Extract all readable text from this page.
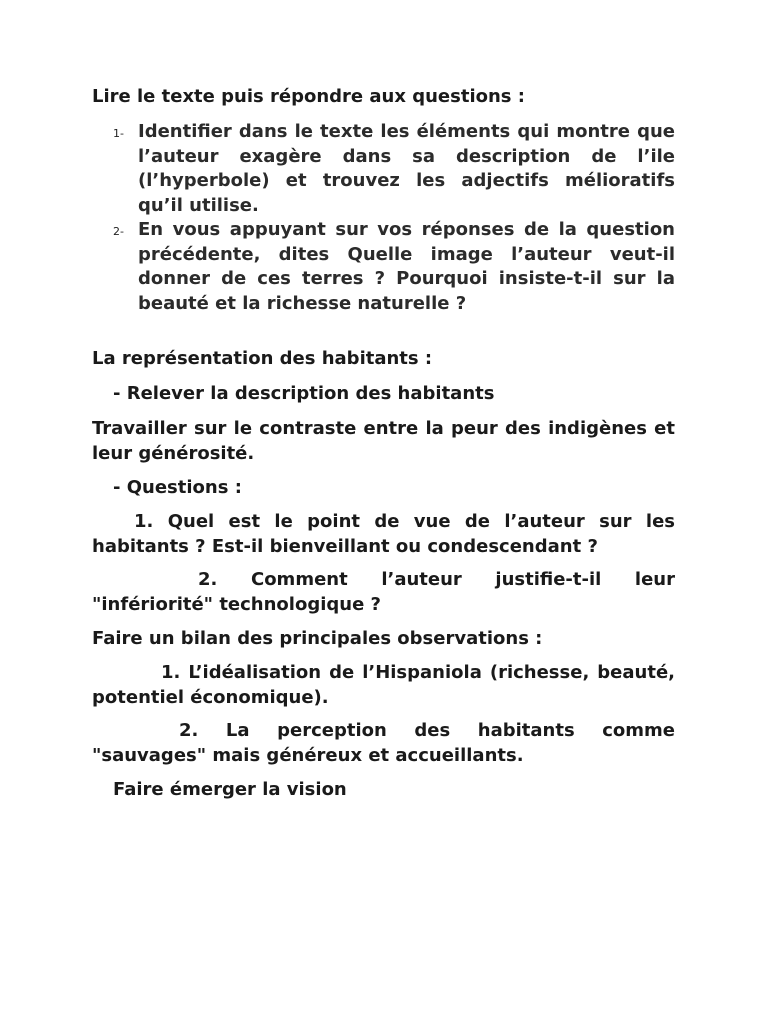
Lire le texte puis répondre aux questions :

1- Identifier dans le texte les éléments qui montre que l’auteur exagère dans sa description de l’ile (l’hyperbole) et trouvez les adjectifs mélioratifs qu’il utilise.
2- En vous appuyant sur vos réponses de la question précédente, dites Quelle image l’auteur veut-il donner de ces terres ? Pourquoi insiste-t-il sur la beauté et la richesse naturelle ?

La représentation des habitants :

- Relever la description des habitants

Travailler sur le contraste entre la peur des indigènes et leur générosité.

- Questions :

1. Quel est le point de vue de l’auteur sur les habitants ? Est-il bienveillant ou condescendant ?

2. Comment l’auteur justifie-t-il leur "infériorité" technologique ?

Faire un bilan des principales observations :

1. L’idéalisation de l’Hispaniola (richesse, beauté, potentiel économique).

2. La perception des habitants comme "sauvages" mais généreux et accueillants.

Faire émerger la vision
